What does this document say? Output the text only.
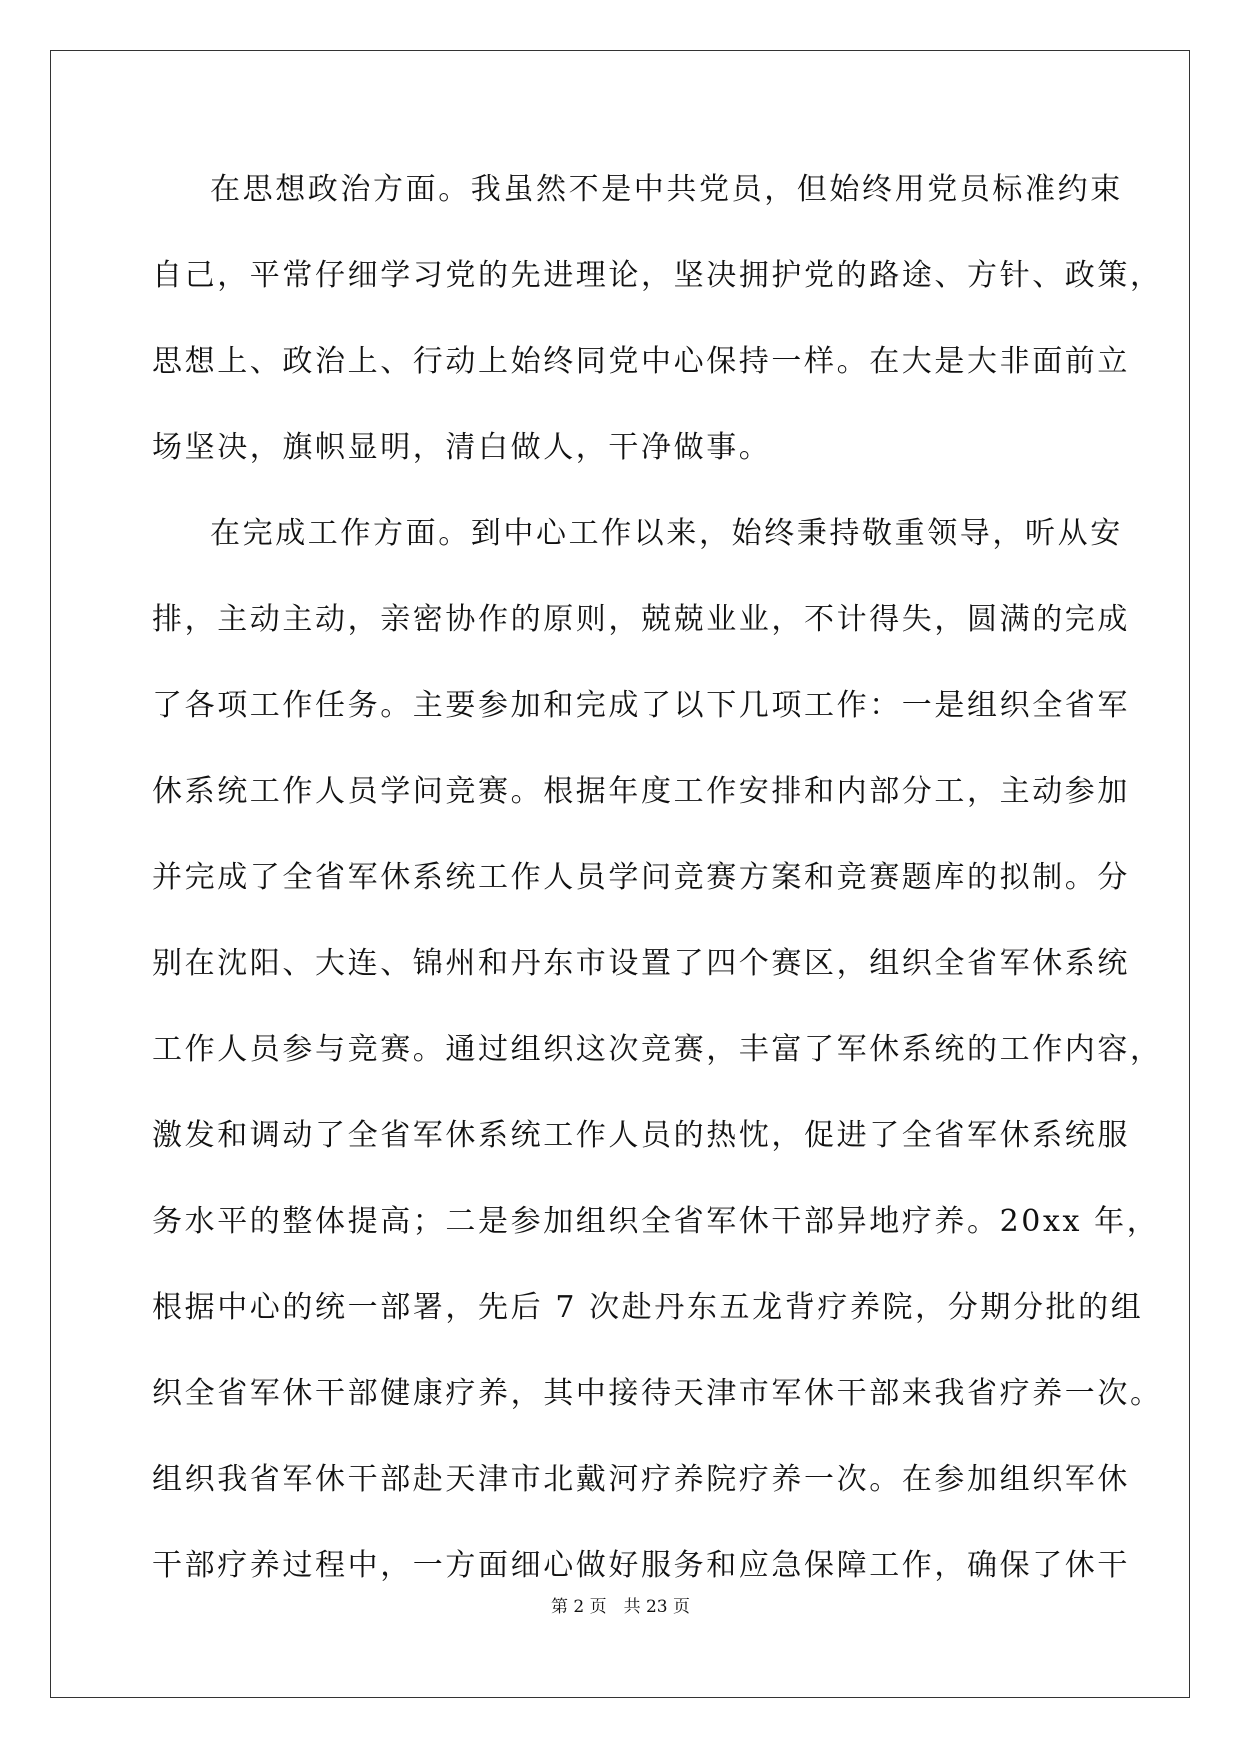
在思想政治方面。我虽然不是中共党员，但始终用党员标准约束
自己，平常仔细学习党的先进理论，坚决拥护党的路途、方针、政策，
思想上、政治上、行动上始终同党中心保持一样。在大是大非面前立
场坚决，旗帜显明，清白做人，干净做事。
在完成工作方面。到中心工作以来，始终秉持敬重领导，听从安
排，主动主动，亲密协作的原则，兢兢业业，不计得失，圆满的完成
了各项工作任务。主要参加和完成了以下几项工作：一是组织全省军
休系统工作人员学问竞赛。根据年度工作安排和内部分工，主动参加
并完成了全省军休系统工作人员学问竞赛方案和竞赛题库的拟制。分
别在沈阳、大连、锦州和丹东市设置了四个赛区，组织全省军休系统
工作人员参与竞赛。通过组织这次竞赛，丰富了军休系统的工作内容，
激发和调动了全省军休系统工作人员的热忱，促进了全省军休系统服
务水平的整体提高；二是参加组织全省军休干部异地疗养。20xx 年，
根据中心的统一部署，先后 7 次赴丹东五龙背疗养院，分期分批的组
织全省军休干部健康疗养，其中接待天津市军休干部来我省疗养一次。
组织我省军休干部赴天津市北戴河疗养院疗养一次。在参加组织军休
干部疗养过程中，一方面细心做好服务和应急保障工作，确保了休干
第 2 页　共 23 页
